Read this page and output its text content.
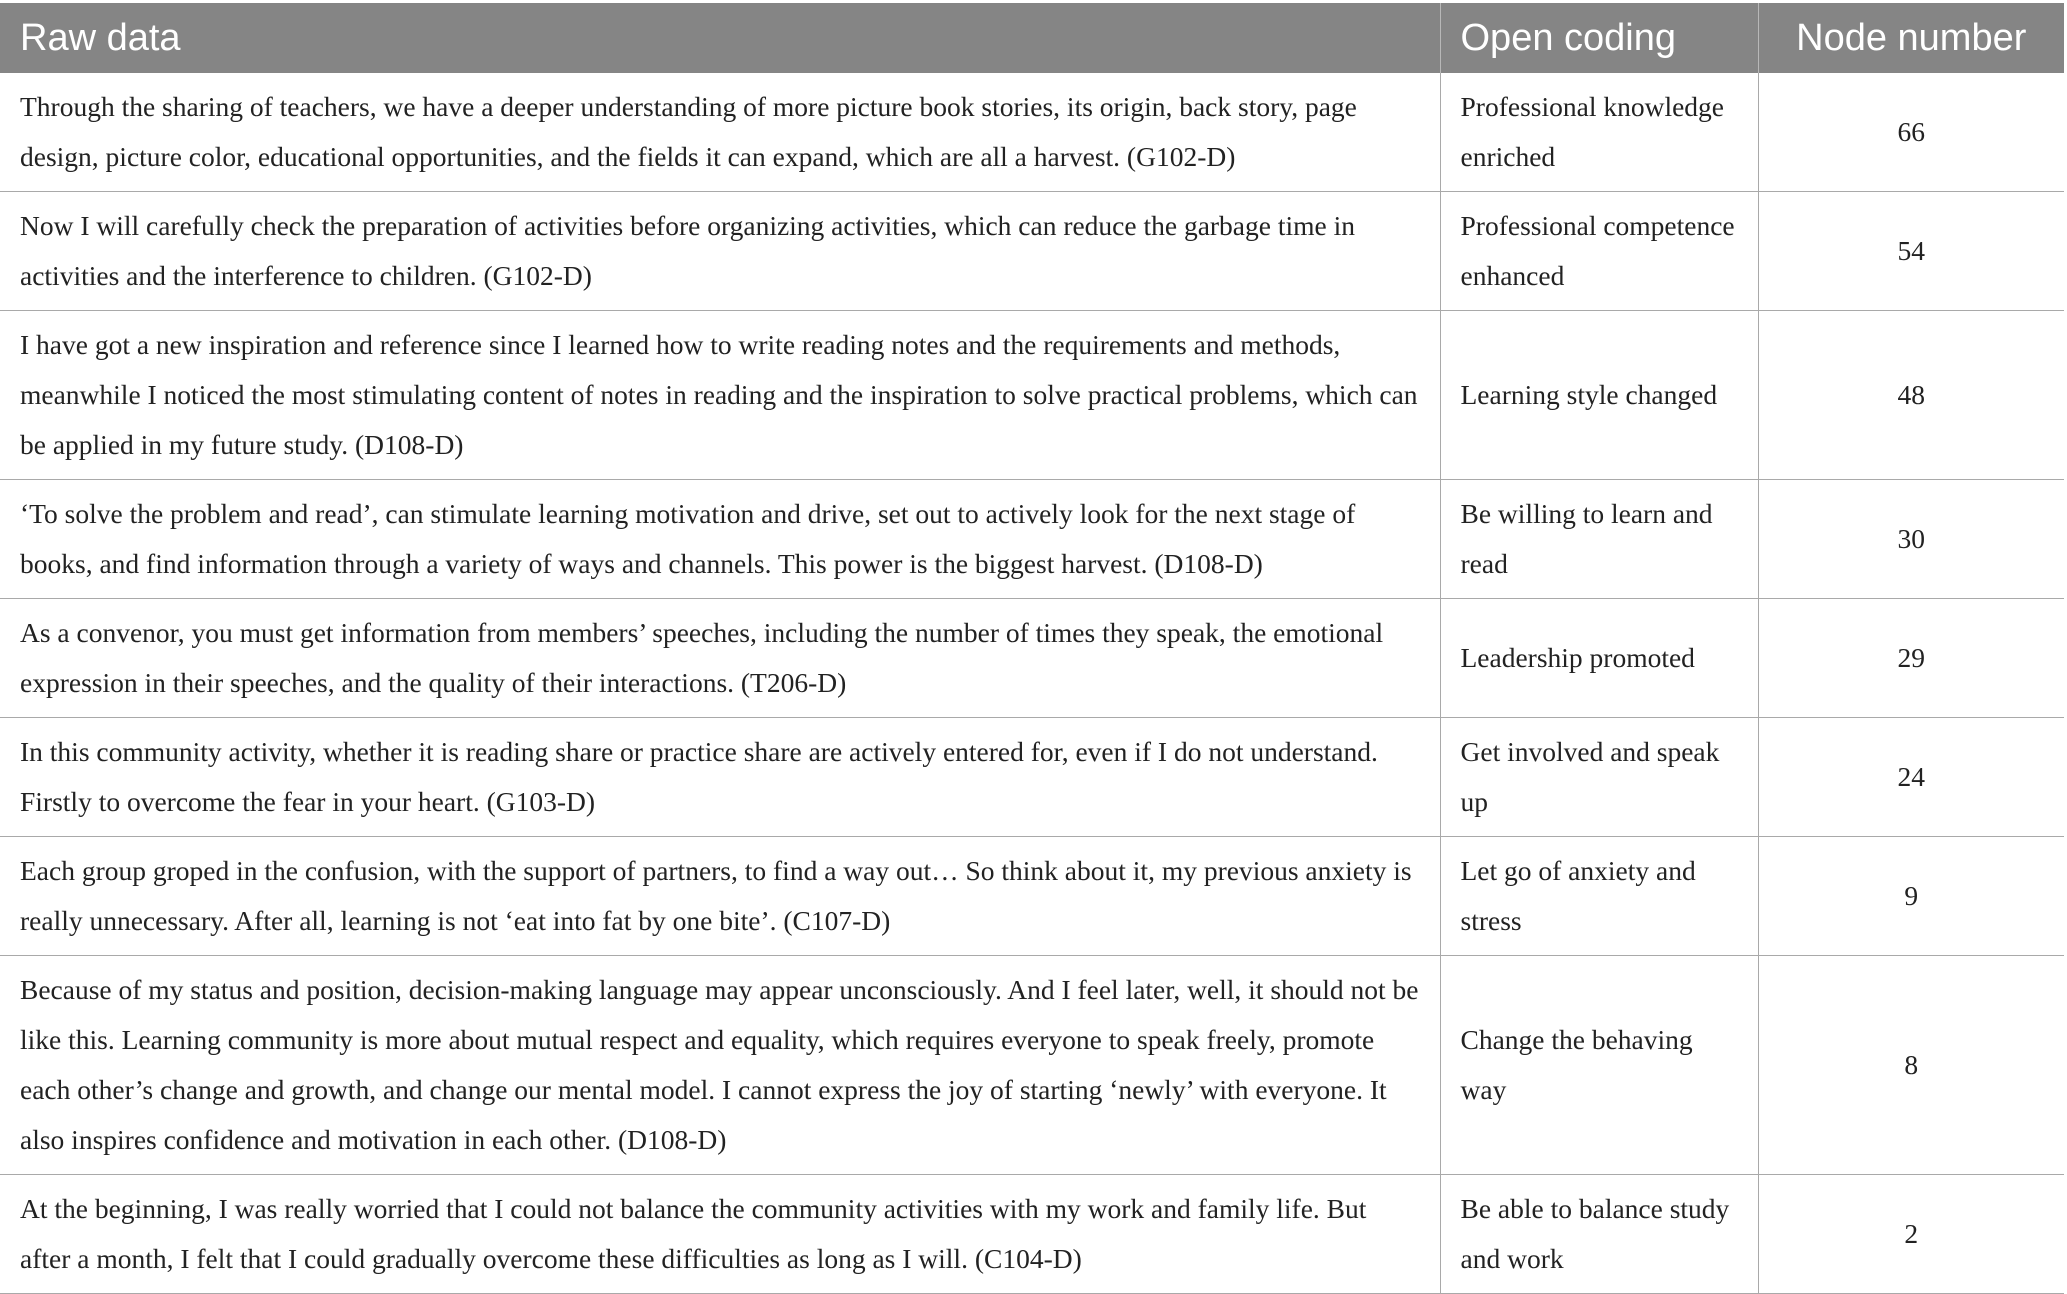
Raw data	Open coding	Node number
Through the sharing of teachers, we have a deeper understanding of more picture book stories, its origin, back story, page design, picture color, educational opportunities, and the fields it can expand, which are all a harvest. (G102-D)	Professional knowledge enriched	66
Now I will carefully check the preparation of activities before organizing activities, which can reduce the garbage time in activities and the interference to children. (G102-D)	Professional competence enhanced	54
I have got a new inspiration and reference since I learned how to write reading notes and the requirements and methods, meanwhile I noticed the most stimulating content of notes in reading and the inspiration to solve practical problems, which can be applied in my future study. (D108-D)	Learning style changed	48
‘To solve the problem and read’, can stimulate learning motivation and drive, set out to actively look for the next stage of books, and find information through a variety of ways and channels. This power is the biggest harvest. (D108-D)	Be willing to learn and read	30
As a convenor, you must get information from members’ speeches, including the number of times they speak, the emotional expression in their speeches, and the quality of their interactions. (T206-D)	Leadership promoted	29
In this community activity, whether it is reading share or practice share are actively entered for, even if I do not understand. Firstly to overcome the fear in your heart. (G103-D)	Get involved and speak up	24
Each group groped in the confusion, with the support of partners, to find a way out… So think about it, my previous anxiety is really unnecessary. After all, learning is not ‘eat into fat by one bite’. (C107-D)	Let go of anxiety and stress	9
Because of my status and position, decision-making language may appear unconsciously. And I feel later, well, it should not be like this. Learning community is more about mutual respect and equality, which requires everyone to speak freely, promote each other’s change and growth, and change our mental model. I cannot express the joy of starting ‘newly’ with everyone. It also inspires confidence and motivation in each other. (D108-D)	Change the behaving way	8
At the beginning, I was really worried that I could not balance the community activities with my work and family life. But after a month, I felt that I could gradually overcome these difficulties as long as I will. (C104-D)	Be able to balance study and work	2
